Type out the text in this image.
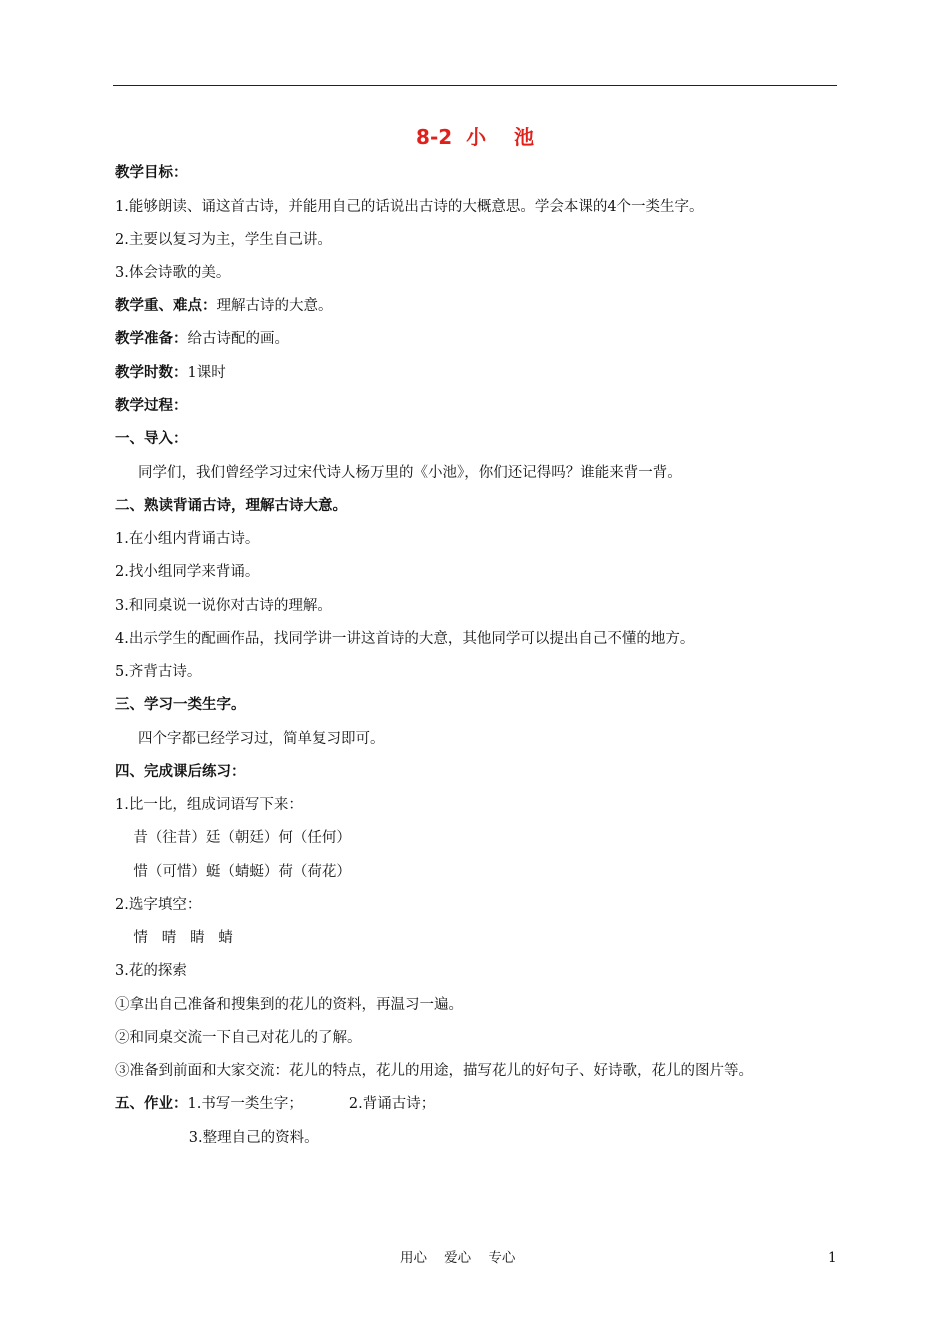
8-2  小    池
教学目标：
1.能够朗读、诵这首古诗，并能用自己的话说出古诗的大概意思。学会本课的4个一类生字。
2.主要以复习为主，学生自己讲。
3.体会诗歌的美。
教学重、难点：理解古诗的大意。
教学准备：给古诗配的画。
教学时数：1课时
教学过程：
一、导入：
同学们，我们曾经学习过宋代诗人杨万里的《小池》，你们还记得吗？谁能来背一背。
二、熟读背诵古诗，理解古诗大意。
1.在小组内背诵古诗。
2.找小组同学来背诵。
3.和同桌说一说你对古诗的理解。
4.出示学生的配画作品，找同学讲一讲这首诗的大意，其他同学可以提出自己不懂的地方。
5.齐背古诗。
三、学习一类生字。
四个字都已经学习过，简单复习即可。
四、完成课后练习：
1.比一比，组成词语写下来：
昔（往昔）廷（朝廷）何（任何）
惜（可惜）蜓（蜻蜓）荷（荷花）
2.选字填空：
情   晴   睛   蜻
3.花的探索
①拿出自己准备和搜集到的花儿的资料，再温习一遍。
②和同桌交流一下自己对花儿的了解。
③准备到前面和大家交流：花儿的特点，花儿的用途，描写花儿的好句子、好诗歌，花儿的图片等。
五、作业：1.书写一类生字；          2.背诵古诗；
3.整理自己的资料。
用心    爱心    专心	1
